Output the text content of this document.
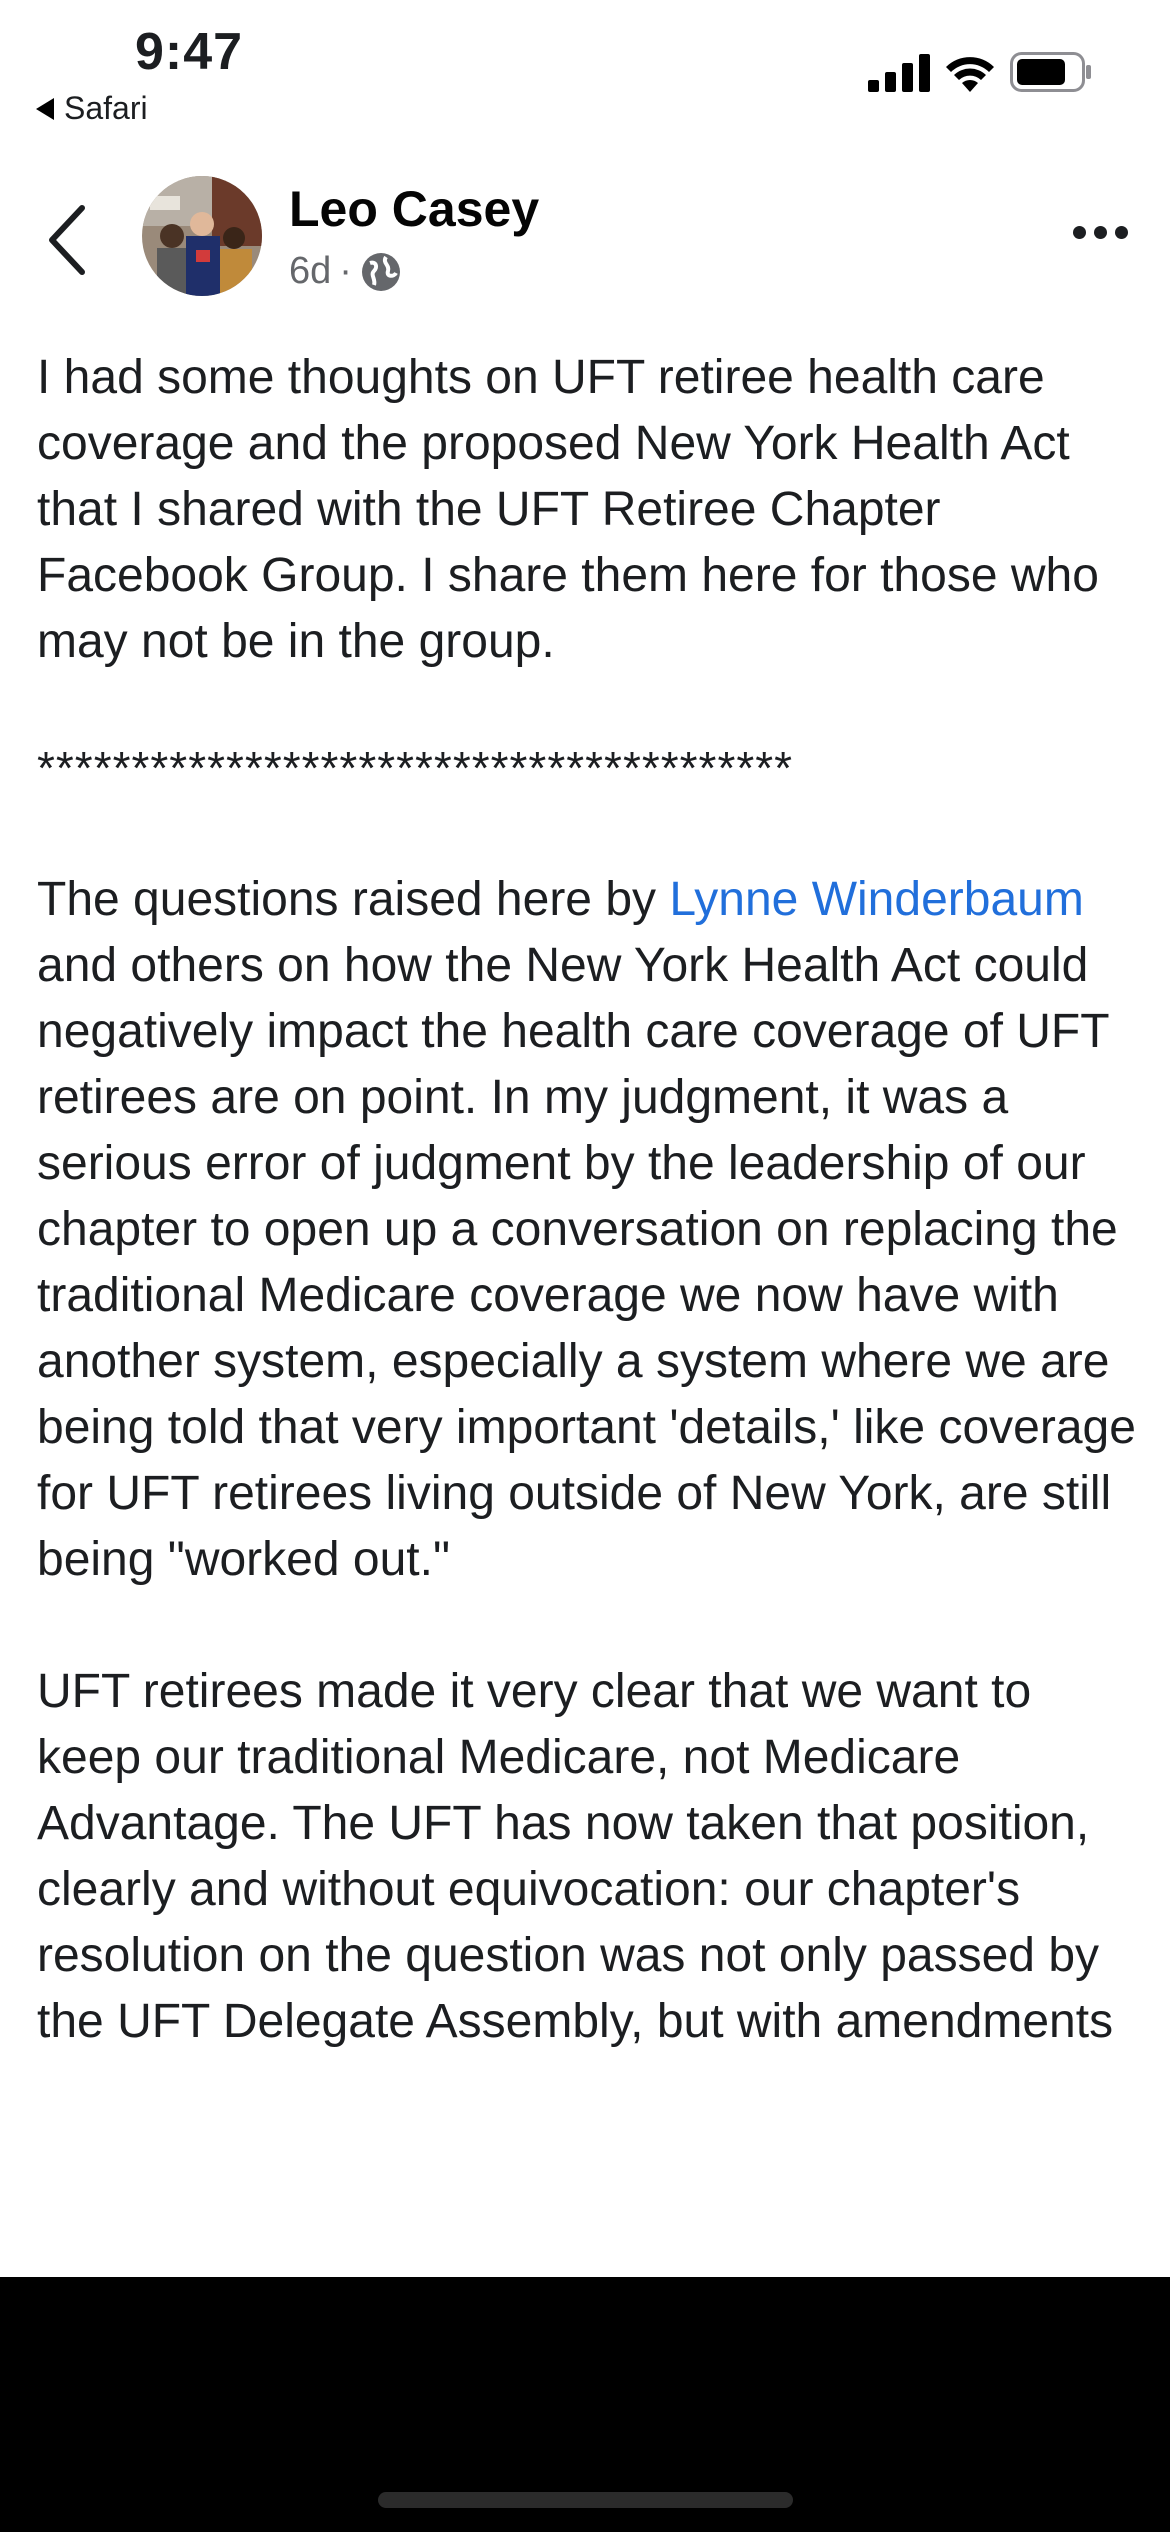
9:47
Safari
Leo Casey
6d ·

I had some thoughts on UFT retiree health care coverage and the proposed New York Health Act that I shared with the UFT Retiree Chapter Facebook Group. I share them here for those who may not be in the group.

****************************************

The questions raised here by Lynne Winderbaum and others on how the New York Health Act could negatively impact the health care coverage of UFT retirees are on point. In my judgment, it was a serious error of judgment by the leadership of our chapter to open up a conversation on replacing the traditional Medicare coverage we now have with another system, especially a system where we are being told that very important 'details,' like coverage for UFT retirees living outside of New York, are still being "worked out."

UFT retirees made it very clear that we want to keep our traditional Medicare, not Medicare Advantage. The UFT has now taken that position, clearly and without equivocation: our chapter's resolution on the question was not only passed by the UFT Delegate Assembly, but with amendments
